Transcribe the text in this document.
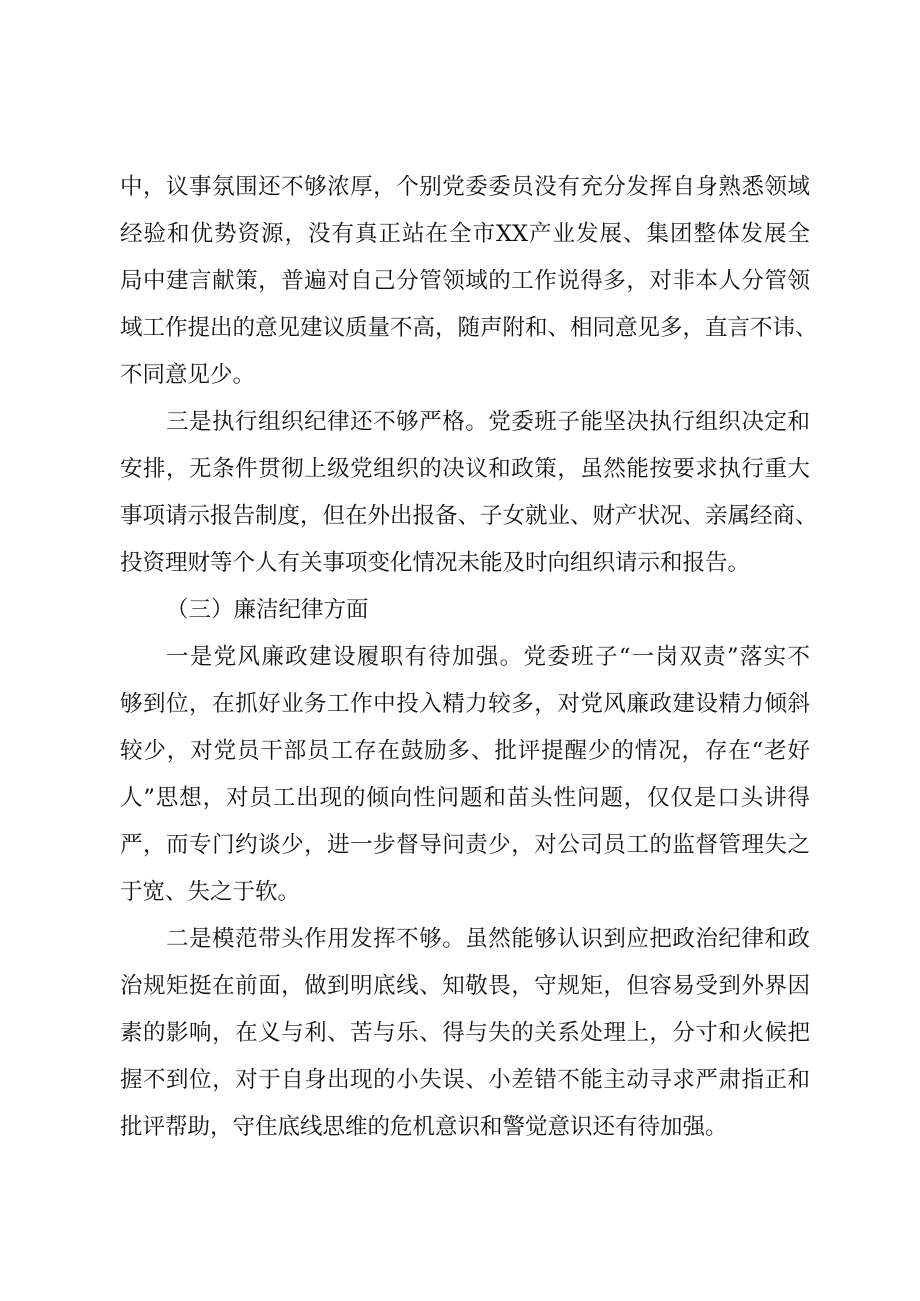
中，议事氛围还不够浓厚，个别党委委员没有充分发挥自身熟悉领域
经验和优势资源，没有真正站在全市XX产业发展、集团整体发展全
局中建言献策，普遍对自己分管领域的工作说得多，对非本人分管领
域工作提出的意见建议质量不高，随声附和、相同意见多，直言不讳、
不同意见少。
三是执行组织纪律还不够严格。党委班子能坚决执行组织决定和
安排，无条件贯彻上级党组织的决议和政策，虽然能按要求执行重大
事项请示报告制度，但在外出报备、子女就业、财产状况、亲属经商、
投资理财等个人有关事项变化情况未能及时向组织请示和报告。
（三）廉洁纪律方面
一是党风廉政建设履职有待加强。党委班子“一岗双责”落实不
够到位，在抓好业务工作中投入精力较多，对党风廉政建设精力倾斜
较少，对党员干部员工存在鼓励多、批评提醒少的情况，存在“老好
人”思想，对员工出现的倾向性问题和苗头性问题，仅仅是口头讲得
严，而专门约谈少，进一步督导问责少，对公司员工的监督管理失之
于宽、失之于软。
二是模范带头作用发挥不够。虽然能够认识到应把政治纪律和政
治规矩挺在前面，做到明底线、知敬畏，守规矩，但容易受到外界因
素的影响，在义与利、苦与乐、得与失的关系处理上，分寸和火候把
握不到位，对于自身出现的小失误、小差错不能主动寻求严肃指正和
批评帮助，守住底线思维的危机意识和警觉意识还有待加强。
